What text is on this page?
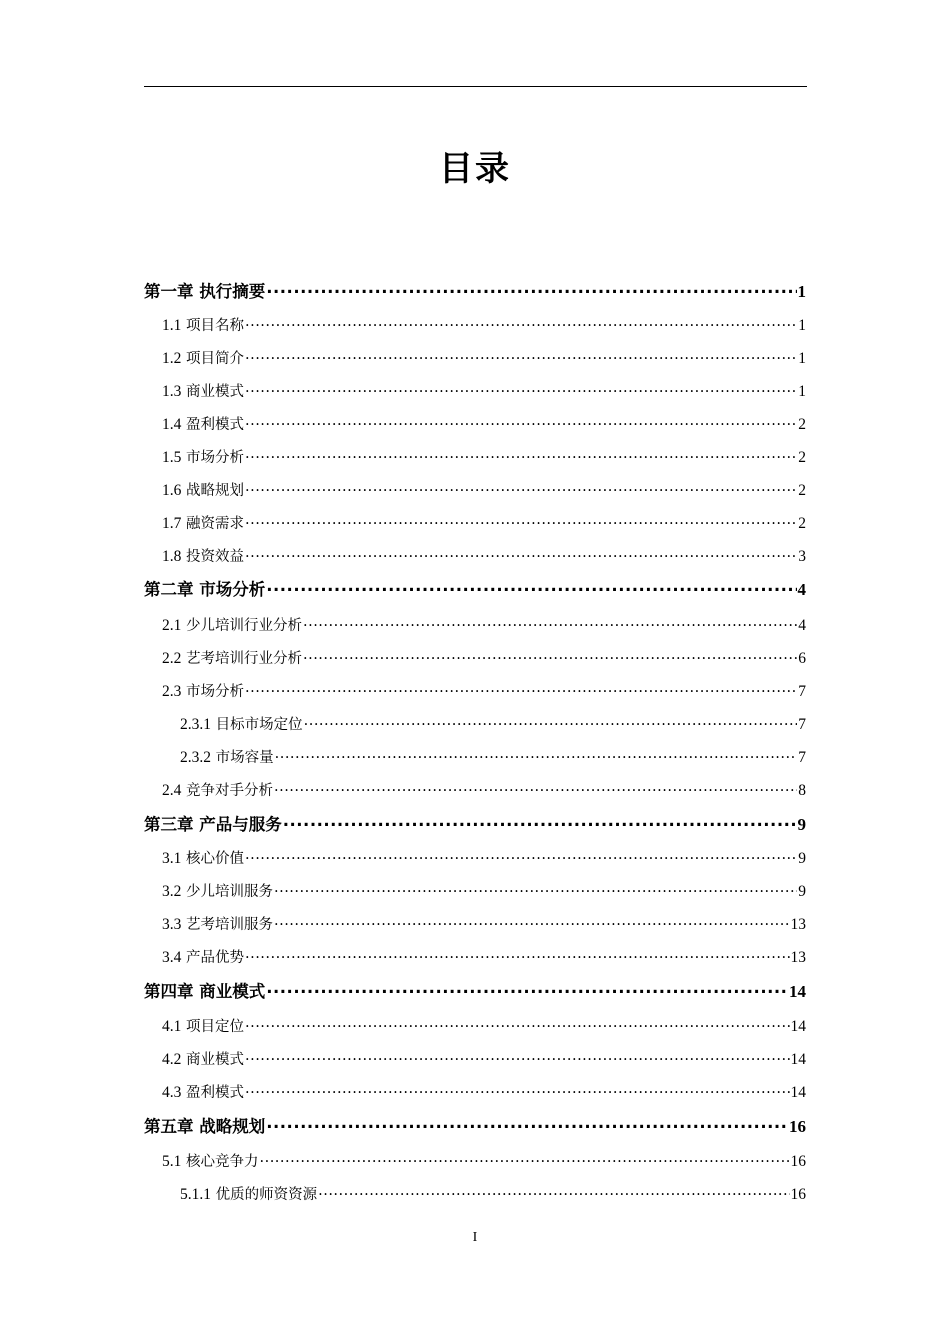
目录
第一章 执行摘要 .....	1
1.1 项目名称 .....	1
1.2 项目简介 .....	1
1.3 商业模式 .....	1
1.4 盈利模式 .....	2
1.5 市场分析 .....	2
1.6 战略规划 .....	2
1.7 融资需求 .....	2
1.8 投资效益 .....	3
第二章 市场分析 .....	4
2.1 少儿培训行业分析 .....	4
2.2 艺考培训行业分析 .....	6
2.3 市场分析 .....	7
2.3.1 目标市场定位 .....	7
2.3.2 市场容量 .....	7
2.4 竞争对手分析 .....	8
第三章 产品与服务 .....	9
3.1 核心价值 .....	9
3.2 少儿培训服务 .....	9
3.3 艺考培训服务 .....	13
3.4 产品优势 .....	13
第四章 商业模式 .....	14
4.1 项目定位 .....	14
4.2 商业模式 .....	14
4.3 盈利模式 .....	14
第五章 战略规划 .....	16
5.1 核心竞争力 .....	16
5.1.1 优质的师资资源 .....	16
I
